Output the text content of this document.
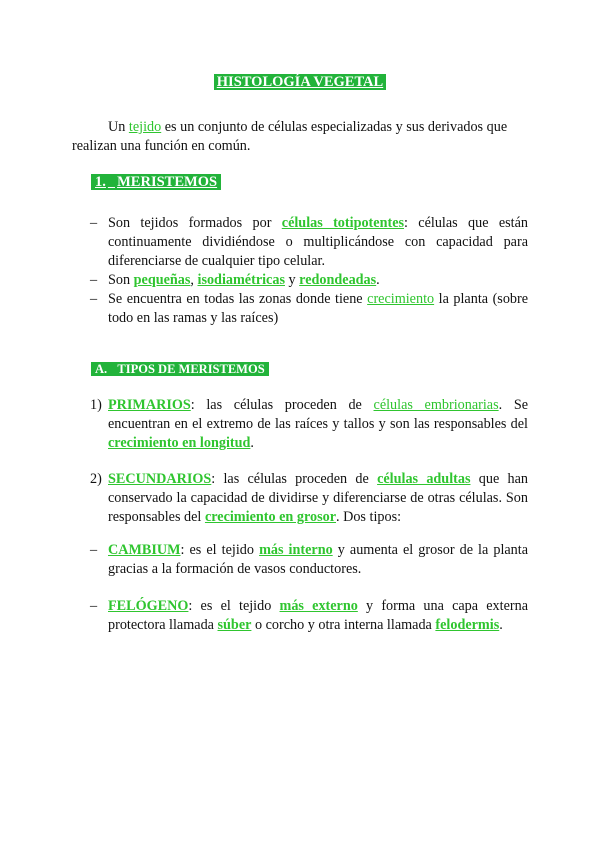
HISTOLOGÍA VEGETAL
Un tejido es un conjunto de células especializadas y sus derivados que realizan una función en común.
1. MERISTEMOS
– Son tejidos formados por células totipotentes: células que están continuamente dividiéndose o multiplicándose con capacidad para diferenciarse de cualquier tipo celular.
– Son pequeñas, isodiamétricas y redondeadas.
– Se encuentra en todas las zonas donde tiene crecimiento la planta (sobre todo en las ramas y las raíces)
A. TIPOS DE MERISTEMOS
1) PRIMARIOS: las células proceden de células embrionarias. Se encuentran en el extremo de las raíces y tallos y son las responsables del crecimiento en longitud.
2) SECUNDARIOS: las células proceden de células adultas que han conservado la capacidad de dividirse y diferenciarse de otras células. Son responsables del crecimiento en grosor. Dos tipos:
– CAMBIUM: es el tejido más interno y aumenta el grosor de la planta gracias a la formación de vasos conductores.
– FELÓGENO: es el tejido más externo y forma una capa externa protectora llamada súber o corcho y otra interna llamada felodermis.
